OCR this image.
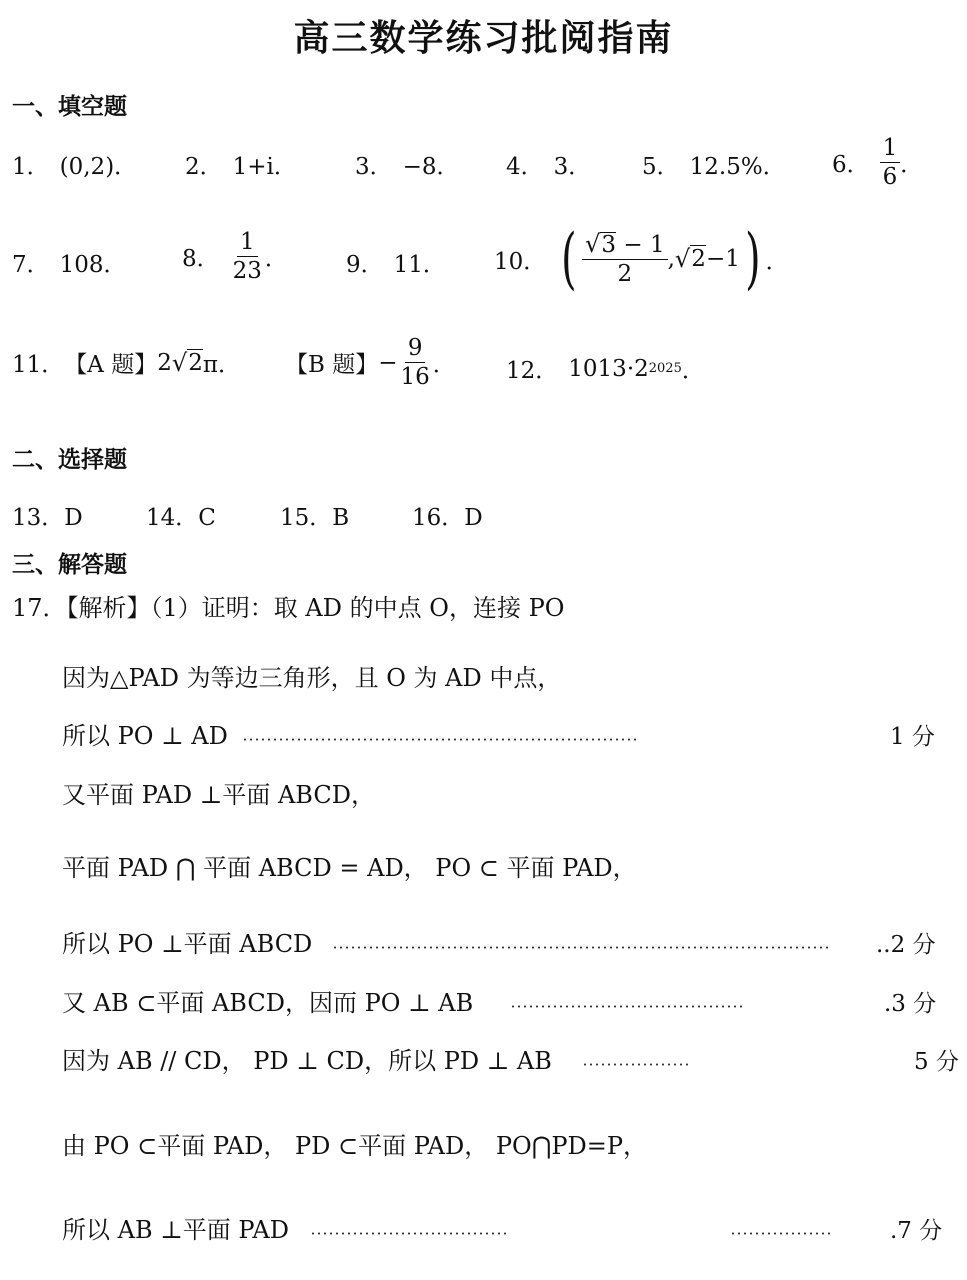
高三数学练习批阅指南
一、填空题
1． (0,2)． 2． 1+i．	3． −8． 4． 3． 5． 12.5%． 6． $\frac{1}{6}$ ．
7． 108． 8． $\frac{1}{23}$ ．	9． 11． 10． ( $\frac{√ 3 - 1}{2}$ , √ 2 −1 ) ．
11． 【A 题】 2 √ 2 π． 【B 题】 − $\frac{9}{16}$ ． 12． 1013·2 2025 ．
二、选择题
13．D	14．C	15．B	16．D
三、解答题
17．【解析】（1）证明：取 AD 的中点 O，连接 PO
因为△PAD 为等边三角形，且 O 为 AD 中点，
所以 PO ⊥ AD	1 分
又平面 PAD ⊥平面 ABCD，
平面 PAD ⋂ 平面 ABCD = AD， PO ⊂ 平面 PAD，
所以 PO ⊥平面 ABCD	..2 分
又 AB ⊂平面 ABCD，因而 PO ⊥ AB	.3 分
因为 AB // CD， PD ⊥ CD，所以 PD ⊥ AB	5 分
由 PO ⊂平面 PAD， PD ⊂平面 PAD， PO⋂PD=P，
所以 AB ⊥平面 PAD	.7 分
